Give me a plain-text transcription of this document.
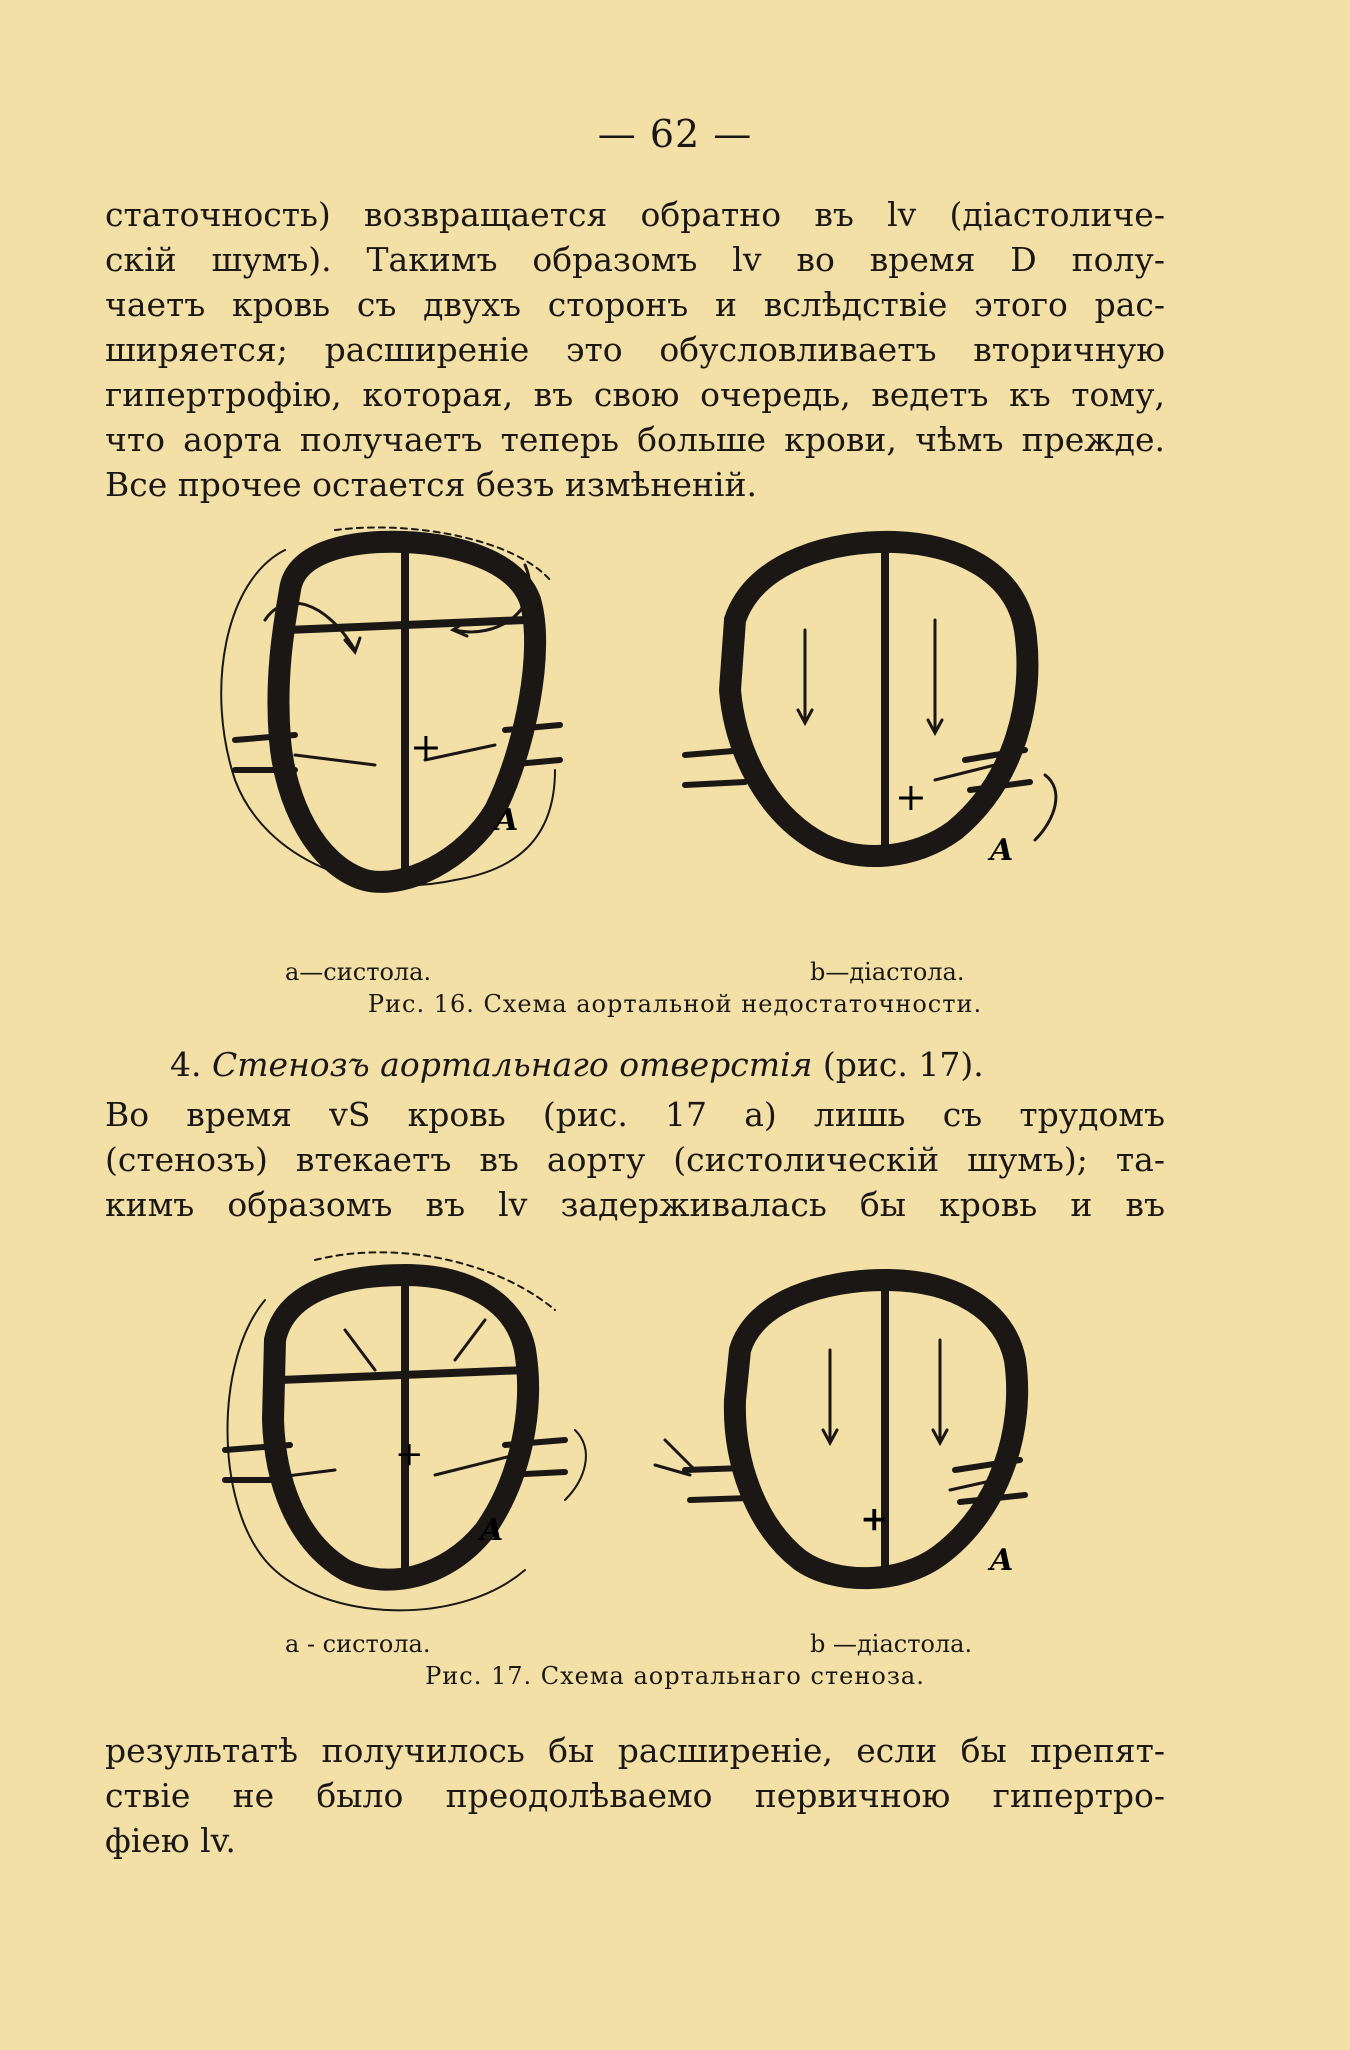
— 62 —

статочность) возвращается обратно въ lv (діастоличе-
скій шумъ). Такимъ образомъ lv во время D полу-
чаетъ кровь съ двухъ сторонъ и вслѣдствіе этого рас-
ширяется; расширеніе это обусловливаетъ вторичную
гипертрофію, которая, въ свою очередь, ведетъ къ тому,
что аорта получаетъ теперь больше крови, чѣмъ прежде.
Все прочее остается безъ измѣненій.

+
A
+
A
a—систола.	b—діастола.
Рис. 16. Схема аортальной недостаточности.

4. Стенозъ аортальнаго отверстія (рис. 17).

Во время vS кровь (рис. 17 a) лишь съ трудомъ
(стенозъ) втекаетъ въ аорту (систолическій шумъ); та-
кимъ образомъ въ lv задерживалась бы кровь и въ

+
A	+
A
a - систола.	b —діастола.
Рис. 17. Схема аортальнаго стеноза.

результатѣ получилось бы расширеніе, если бы препят-
ствіе не было преодолѣваемо первичною гипертро-
фіею lv.
